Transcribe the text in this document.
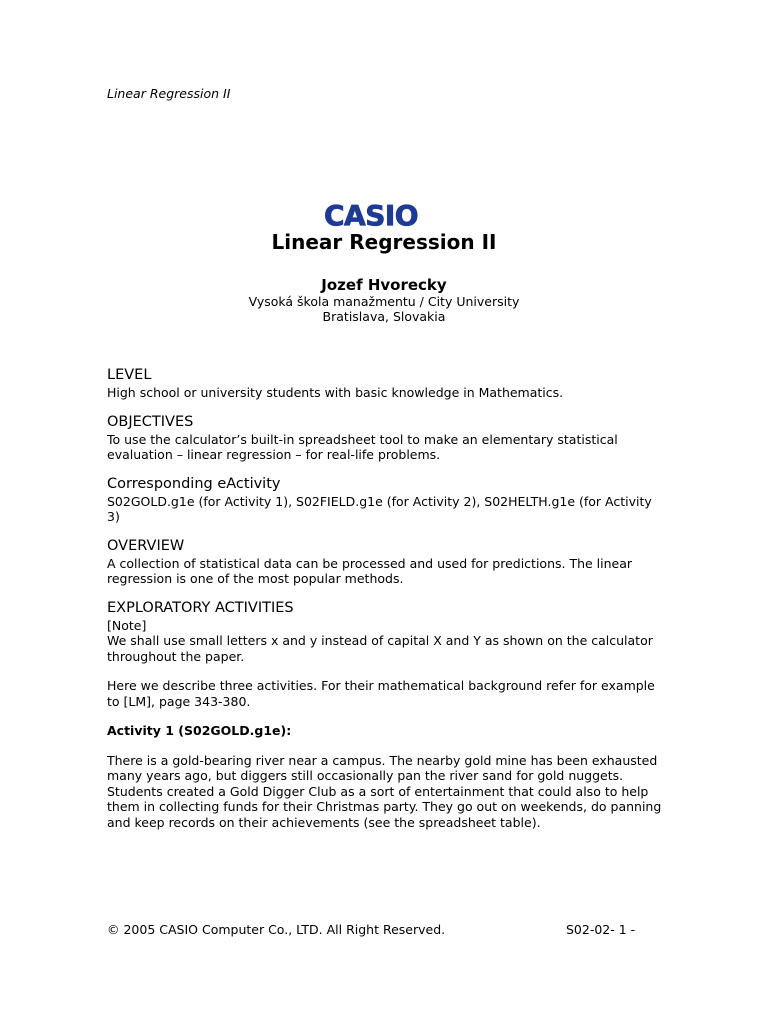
Linear Regression II
CASIO
Linear Regression II
Jozef Hvorecky
Vysoká škola manažmentu / City University
Bratislava, Slovakia
LEVEL

High school or university students with basic knowledge in Mathematics.

OBJECTIVES

To use the calculator’s built-in spreadsheet tool to make an elementary statistical evaluation – linear regression – for real-life problems.

Corresponding eActivity

S02GOLD.g1e (for Activity 1), S02FIELD.g1e (for Activity 2), S02HELTH.g1e (for Activity 3)

OVERVIEW

A collection of statistical data can be processed and used for predictions. The linear regression is one of the most popular methods.

EXPLORATORY ACTIVITIES

[Note]

We shall use small letters x and y instead of capital X and Y as shown on the calculator throughout the paper.

Here we describe three activities. For their mathematical background refer for example to [LM], page 343-380.

Activity 1 (S02GOLD.g1e):

There is a gold-bearing river near a campus. The nearby gold mine has been exhausted many years ago, but diggers still occasionally pan the river sand for gold nuggets. Students created a Gold Digger Club as a sort of entertainment that could also to help them in collecting funds for their Christmas party. They go out on weekends, do panning and keep records on their achievements (see the spreadsheet table).

© 2005 CASIO Computer Co., LTD. All Right Reserved.	S02-02- 1 -
